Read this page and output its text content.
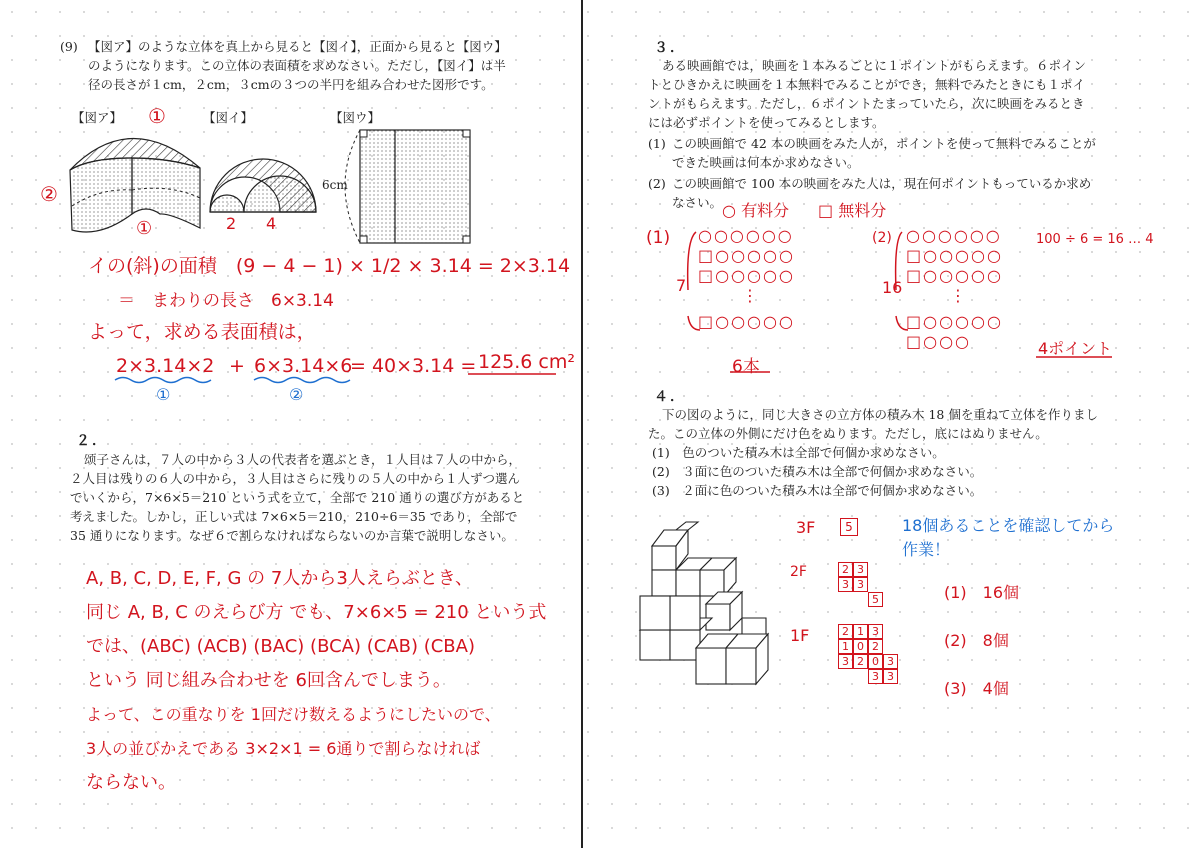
(9) 【図ア】のような立体を真上から見ると【図イ】，正面から見ると【図ウ】
のようになります。この立体の表面積を求めなさい。ただし，【図イ】は半
径の長さが１cm，２cm，３cmの３つの半円を組み合わせた図形です。
【図ア】	【図イ】	【図ウ】
6cm
①
②
①	2 4
イの(斜)の面積　(9 − 4 − 1) × 1/2 × 3.14 = 2×3.14
＝　まわりの長さ　6×3.14
よって，求める表面積は，
2×3.14×2 + 6×3.14×6
= 40×3.14 = 125.6 cm²
①	②
２．
颂子さんは，７人の中から３人の代表者を選ぶとき，１人目は７人の中から，
２人目は残りの６人の中から，３人目はさらに残りの５人の中から１人ずつ選ん
でいくから，7×6×5＝210 という式を立て，全部で 210 通りの選び方があると
考えました。しかし，正しい式は 7×6×5＝210，210÷6＝35 であり，全部で
35 通りになります。なぜ６で割らなければならないのか言葉で説明しなさい。
A, B, C, D, E, F, G の 7人から3人えらぶとき、
同じ A, B, C のえらび方 でも、7×6×5 = 210 という式
では、(ABC) (ACB) (BAC) (BCA) (CAB) (CBA)
という 同じ組み合わせを 6回含んでしまう。
よって、この重なりを 1回だけ数えるようにしたいので、
3人の並びかえである 3×2×1 = 6通りで割らなければ
ならない。
３．
ある映画館では，映画を１本みるごとに１ポイントがもらえます。６ポイン
トとひきかえに映画を１本無料でみることができ，無料でみたときにも１ポイ
ントがもらえます。ただし，６ポイントたまっていたら，次に映画をみるとき
には必ずポイントを使ってみるとします。
(1) この映画館で 42 本の映画をみた人が，ポイントを使って無料でみることが
できた映画は何本か求めなさい。
(2) この映画館で 100 本の映画をみた人は，現在何ポイントもっているか求め
なさい。 ○ 有料分 □ 無料分
(1) ○○○○○○
□○○○○○
□○○○○○
⋮
□○○○○○
7
6本
(2) ○○○○○○
□○○○○○
□○○○○○
⋮
□○○○○○
□○○○
16
100 ÷ 6 = 16 … 4
4ポイント
４．
下の図のように，同じ大きさの立方体の積み木 18 個を重ねて立体を作りまし
た。この立体の外側にだけ色をぬります。ただし，底にはぬりません。
(1)　 色のついた積み木は全部で何個か求めなさい。
(2)　 ３面に色のついた積み木は全部で何個か求めなさい。
(3)　 ２面に色のついた積み木は全部で何個か求めなさい。
3F	5
2F	2 3
3 3
5
1F	2 1 3
1 0 2
3 2 0 3
3 3
18個あることを確認してから
作業！
(1)　16個
(2)　8個
(3)　4個
